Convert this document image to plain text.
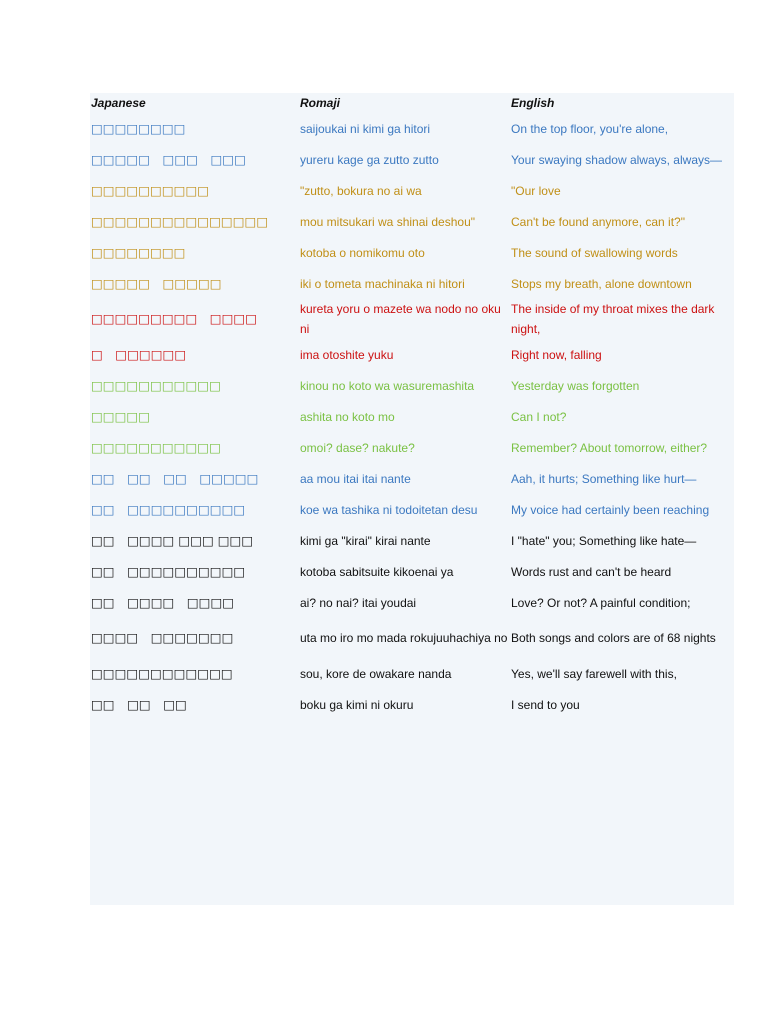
Japanese	Romaji	English
□□□□□□□□	saijoukai ni kimi ga hitori	On the top floor, you're alone,
□□□□□　□□□　□□□	yureru kage ga zutto zutto	Your swaying shadow always, always—
□□□□□□□□□□	"zutto, bokura no ai wa	"Our love
□□□□□□□□□□□□□□□	mou mitsukari wa shinai deshou"	Can't be found anymore, can it?"
□□□□□□□□	kotoba o nomikomu oto	The sound of swallowing words
□□□□□　□□□□□	iki o tometa machinaka ni hitori	Stops my breath, alone downtown
□□□□□□□□□　□□□□	kureta yoru o mazete wa nodo no oku ni	The inside of my throat mixes the dark night,
□　□□□□□□	ima otoshite yuku	Right now, falling
□□□□□□□□□□□	kinou no koto wa wasuremashita	Yesterday was forgotten
□□□□□	ashita no koto mo	Can I not?
□□□□□□□□□□□	omoi? dase? nakute?	Remember? About tomorrow, either?
□□　□□　□□　□□□□□	aa mou itai itai nante	Aah, it hurts; Something like hurt—
□□　□□□□□□□□□□	koe wa tashika ni todoitetan desu	My voice had certainly been reaching
□□　□□□□ □□□ □□□	kimi ga "kirai" kirai nante	I "hate" you; Something like hate—
□□　□□□□□□□□□□	kotoba sabitsuite kikoenai ya	Words rust and can't be heard
□□　□□□□　□□□□	ai? no nai? itai youdai	Love? Or not? A painful condition;
□□□□　□□□□□□□	uta mo iro mo mada rokujuuhachiya no	Both songs and colors are of 68 nights
□□□□□□□□□□□□	sou, kore de owakare nanda	Yes, we'll say farewell with this,
□□　□□　□□	boku ga kimi ni okuru	I send to you
